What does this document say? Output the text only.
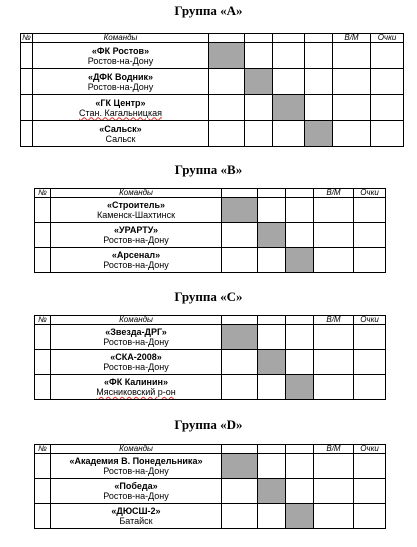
Группа «А»
№	Команды					В/М	Очки

	«ФК Ростов»
Ростов-на-Дону						

	«ДФК Водник»
Ростов-на-Дону						

	«ГК Центр»
Стан. Кагальницкая						

	«Сальск»
Сальск						

Группа «B»
№	Команды				В/М	Очки

	«Строитель»
Каменск-Шахтинск					

	«УРАРТУ»
Ростов-на-Дону					

	«Арсенал»
Ростов-на-Дону					

Группа «С»
№	Команды				В/М	Очки

	«Звезда-ДРГ»
Ростов-на-Дону					

	«СКА-2008»
Ростов-на-Дону					

	«ФК Калинин»
Мясниковский р-он					

Группа «D»
№	Команды				В/М	Очки

	«Академия В. Понедельника»
Ростов-на-Дону					

	«Победа»
Ростов-на-Дону					

	«ДЮСШ-2»
Батайск					
